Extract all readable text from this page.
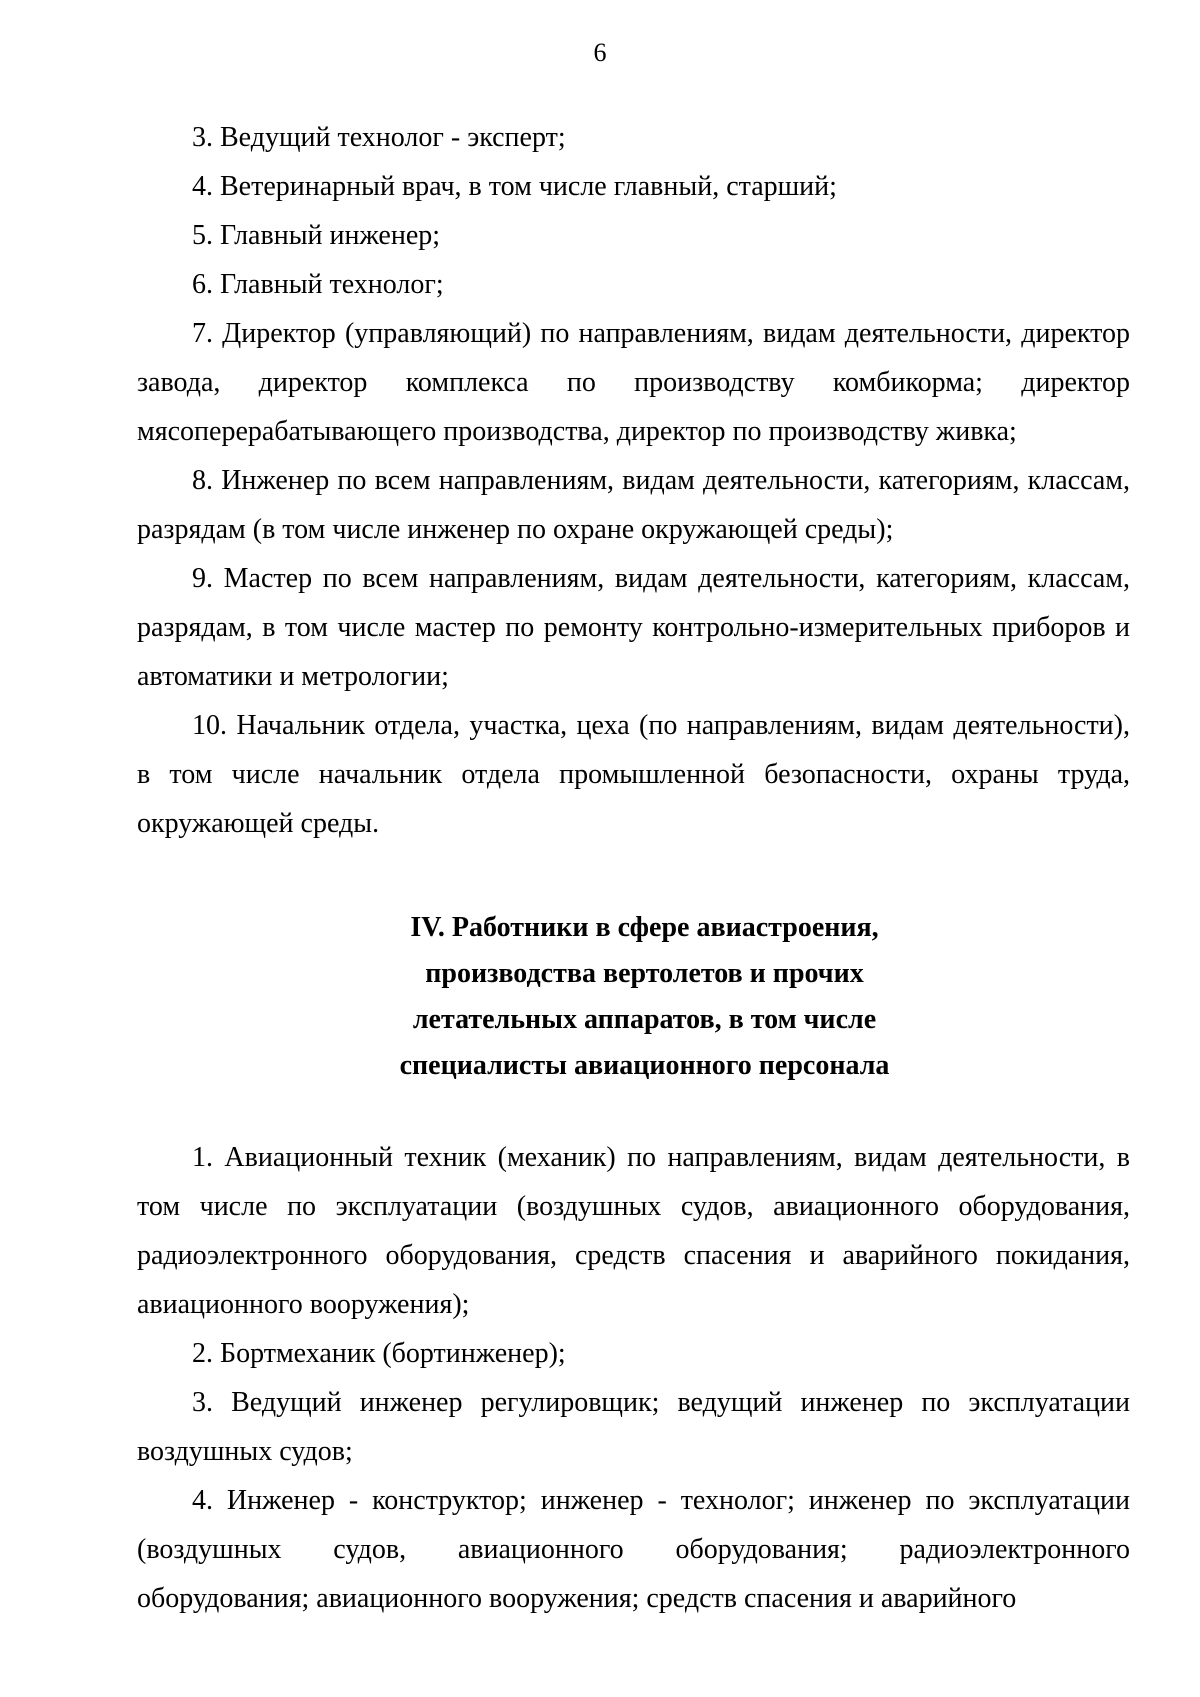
6

3. Ведущий технолог - эксперт;

4. Ветеринарный врач, в том числе главный, старший;

5. Главный инженер;

6. Главный технолог;

7. Директор (управляющий) по направлениям, видам деятельности, директор завода, директор комплекса по производству комбикорма; директор мясоперерабатывающего производства, директор по производству живка;

8. Инженер по всем направлениям, видам деятельности, категориям, классам, разрядам (в том числе инженер по охране окружающей среды);

9. Мастер по всем направлениям, видам деятельности, категориям, классам, разрядам, в том числе мастер по ремонту контрольно-измерительных приборов и автоматики и метрологии;

10. Начальник отдела, участка, цеха (по направлениям, видам деятельности), в том числе начальник отдела промышленной безопасности, охраны труда, окружающей среды.

IV. Работники в сфере авиастроения,
производства вертолетов и прочих
летательных аппаратов, в том числе
специалисты авиационного персонала

1. Авиационный техник (механик) по направлениям, видам деятельности, в том числе по эксплуатации (воздушных судов, авиационного оборудования, радиоэлектронного оборудования, средств спасения и аварийного покидания, авиационного вооружения);

2. Бортмеханик (бортинженер);

3. Ведущий инженер регулировщик; ведущий инженер по эксплуатации воздушных судов;

4. Инженер - конструктор; инженер - технолог; инженер по эксплуатации (воздушных судов, авиационного оборудования; радиоэлектронного оборудования; авиационного вооружения; средств спасения и аварийного
